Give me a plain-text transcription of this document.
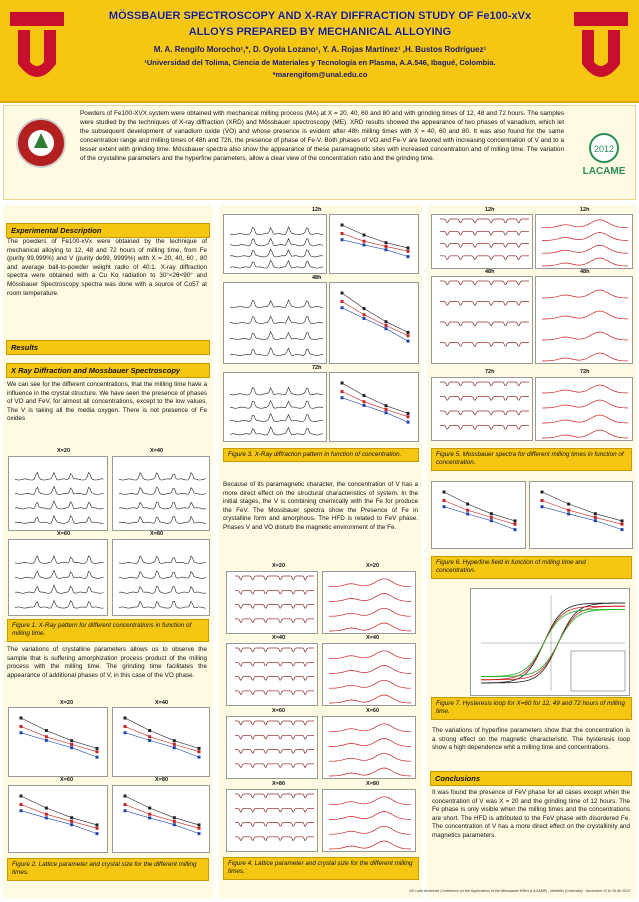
MÖSSBAUER SPECTROSCOPY AND X-RAY DIFFRACTION STUDY OF Fe100-xVx
ALLOYS PREPARED BY MECHANICAL ALLOYING
M. A. Rengifo Morocho¹,*, D. Oyola Lozano¹, Y. A. Rojas Martínez¹ ,H. Bustos Rodríguez¹
¹Universidad del Tolima, Ciencia de Materiales y Tecnología en Plasma, A.A.546, Ibagué, Colombia.
*marengifom@unal.edu.co
Powders of Fe100-XVX system were obtained with mechanical milling process (MA) at X = 20, 40, 60 and 80 and with grinding times of 12, 48 and 72 hours. The samples were studied by the techniques of X-ray diffraction (XRD) and Mössbauer spectroscopy (ME). XRD results showed the appearance of two phases of vanadium, which let the subsequent development of vanadium oxide (VO) and whose presence is evident after 48h milling times with X = 40, 60 and 80. It was also found for the same concentration range and milling times of 48h and 72h, the presence of phase of Fe-V. Both phases of VO and Fe-V are favored with increasing concentration of V and to a lesser extent with grinding time. Mössbauer spectra also show the appearance of these paramagnetic sites with increased concentration and of milling time. The variation of the crystalline parameters and the hyperfine parameters, allow a clear view of the concentration ratio and the grinding time.
2012
LACAME
Experimental Description
The powders of Fe100-xVx were obtained by the technique of mechanical alloying to 12, 48 and 72 hours of milling time, from Fe (purity 99.999%) and V (purity de99, 9999%) with X = 20, 40, 60 , 80 and average ball-to-powder weight radio of 40:1. X-ray diffraction spectra were obtained with a Cu Kα radiation to 30°<2θ<90° and Mössbauer Spectroscopy spectra was done with a source of Co57 at room temperature.
Results
X Ray Diffraction and Mossbauer Spectroscopy
We can see for the different concentrations, that the milling time have a influence in the crystal structure. We have seen the presence of phases of VO and FeV, for almost all concentrations, except to the low values. The V is taking all the media oxygen. There is not presence of Fe oxides
X=20	X=40
X=60	X=80
Figure 1. X-Ray pattern for different concentrations in function of milling time.
The variations of crystalline parameters allows us to observe the sample that is suffering amorphization process product of the milling process with the milling time. The grinding time facilitates the appearance of additional phases of V, in this case of the VO phase.
X=20	X=40
X=60	X=80
Figure 2. Lattice parameter and crystal size for the different milling times.
12h
48h
72h
Figure 3. X-Ray diffraction pattern in function of concentration.
Because of its paramagnetic character, the concentration of V has a more direct effect on the structural characteristics of system. In the initial stages, the V is combining chemically with the Fe for produce the FeV. The Mossbauer spectra show the Presence of Fe in crystalline form and amorphous. The HFD is related to FeV phase. Phases V and VO disturb the magnetic environment of the Fe.
X=20	X=20
X=40	X=40
X=60	X=60
X=80	X=80
Figure 4. Lattice parameter and crystal size for the different milling times.
12h	12h
48h	48h
72h	72h
Figure 5. Mossbauer spectra for different milling times in function of concentration.
Figure 6. Hyperfine field in function of milling time and concentration.
Figure 7. Hysteresis loop for X=60 for 12, 49 and 72 hours of milling time.
The variations of hyperfine parameters show that the concentration is a strong effect on the magnetic characteristic. The hysteresis loop show a high dependence whit a milling time and concentrations.
Conclusions
It was found the presence of FeV phase for all cases except when the concentration of V was X = 20 and the grinding time of 12 hours. The Fe phase is only visible when the milling times and the concentrations are short. The HFD is attributed to the FeV phase with disordered Fe. The concentration of V has a more direct effect on the crystallinity and magnetics parameters.
XIII Latin American Conference on the Applications of the Mössbauer Effect (LACAME) - Medellín (Colombia) - November 11 to 16 de 2012
